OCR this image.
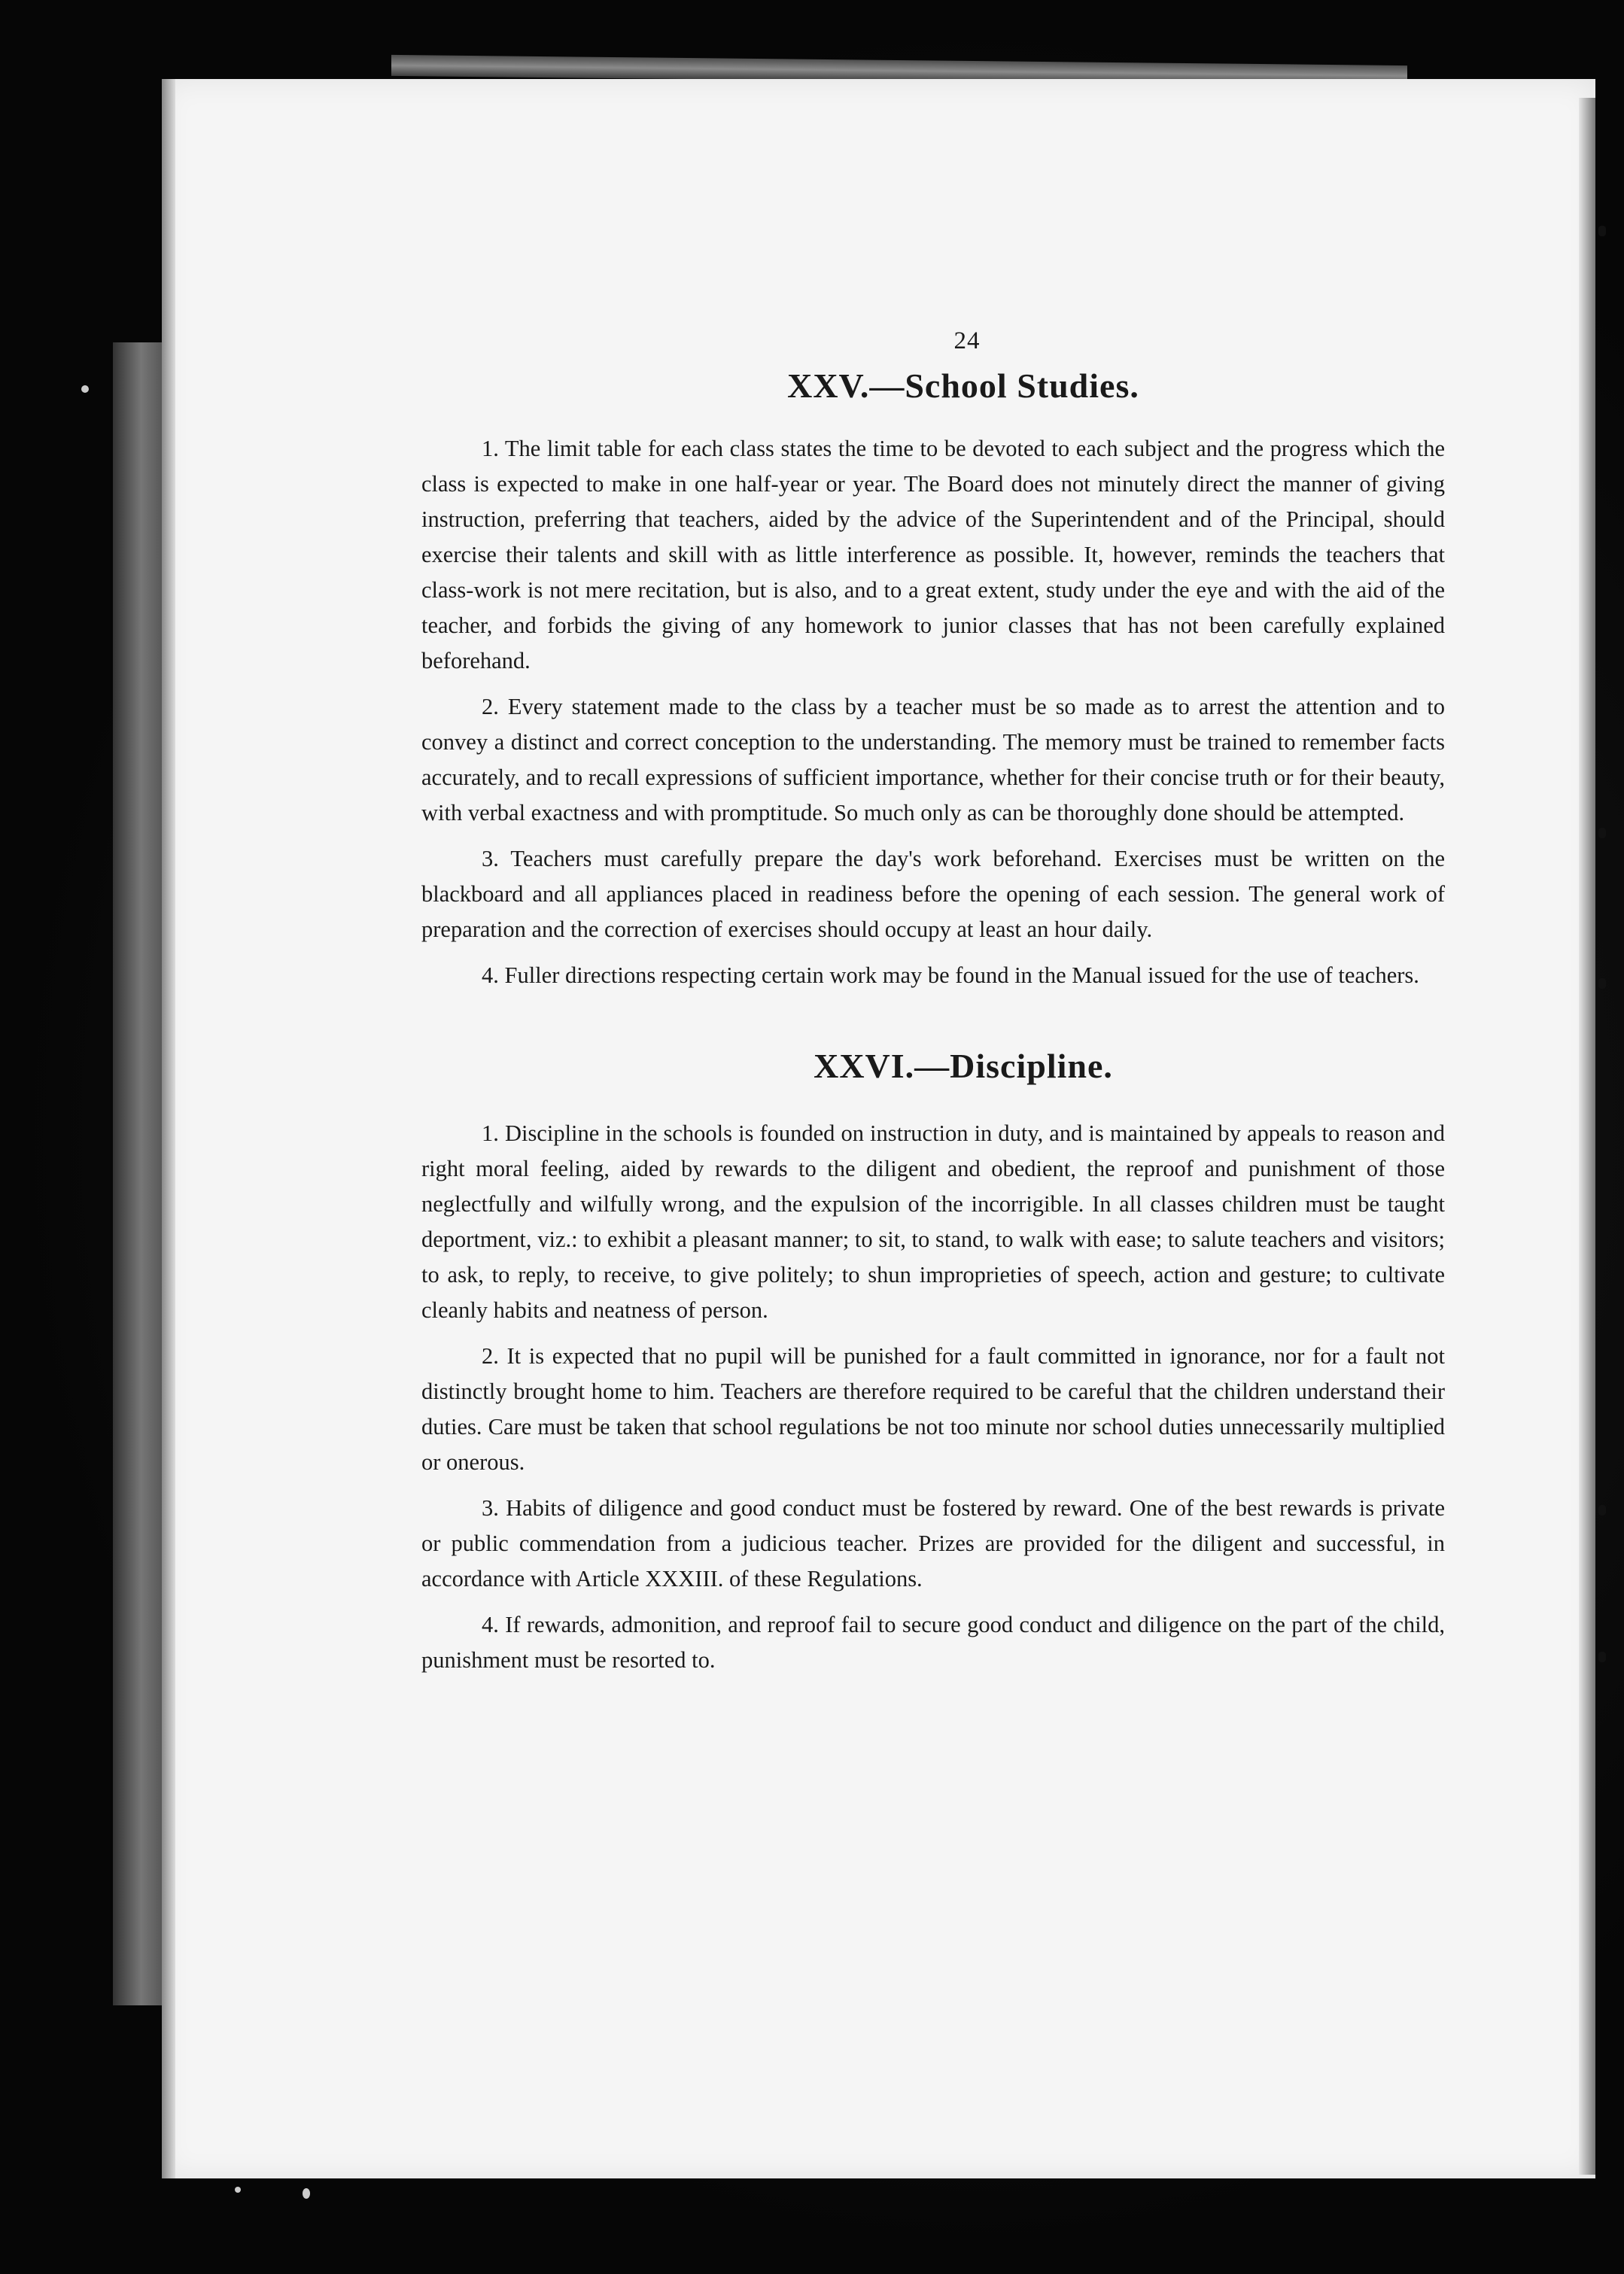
24
XXV.—School Studies.

1. The limit table for each class states the time to be devoted to each subject and the progress which the class is expected to make in one half-year or year. The Board does not minutely direct the manner of giving instruction, preferring that teachers, aided by the advice of the Superintendent and of the Principal, should exercise their talents and skill with as little interference as possible. It, however, reminds the teachers that class-work is not mere recitation, but is also, and to a great extent, study under the eye and with the aid of the teacher, and forbids the giving of any homework to junior classes that has not been carefully explained beforehand.

2. Every statement made to the class by a teacher must be so made as to arrest the attention and to convey a distinct and correct conception to the understanding. The memory must be trained to remember facts accurately, and to recall expressions of sufficient importance, whether for their concise truth or for their beauty, with verbal exactness and with promptitude. So much only as can be thoroughly done should be attempted.

3. Teachers must carefully prepare the day's work beforehand. Exercises must be written on the blackboard and all appliances placed in readiness before the opening of each session. The general work of preparation and the correction of exercises should occupy at least an hour daily.

4. Fuller directions respecting certain work may be found in the Manual issued for the use of teachers.

XXVI.—Discipline.

1. Discipline in the schools is founded on instruction in duty, and is maintained by appeals to reason and right moral feeling, aided by rewards to the diligent and obedient, the reproof and punishment of those neglectfully and wilfully wrong, and the expulsion of the incorrigible. In all classes children must be taught deportment, viz.: to exhibit a pleasant manner; to sit, to stand, to walk with ease; to salute teachers and visitors; to ask, to reply, to receive, to give politely; to shun improprieties of speech, action and gesture; to cultivate cleanly habits and neatness of person.

2. It is expected that no pupil will be punished for a fault committed in ignorance, nor for a fault not distinctly brought home to him. Teachers are therefore required to be careful that the children understand their duties. Care must be taken that school regulations be not too minute nor school duties unnecessarily multiplied or onerous.

3. Habits of diligence and good conduct must be fostered by reward. One of the best rewards is private or public commendation from a judicious teacher. Prizes are provided for the diligent and successful, in accordance with Article XXXIII. of these Regulations.

4. If rewards, admonition, and reproof fail to secure good conduct and diligence on the part of the child, punishment must be resorted to.
